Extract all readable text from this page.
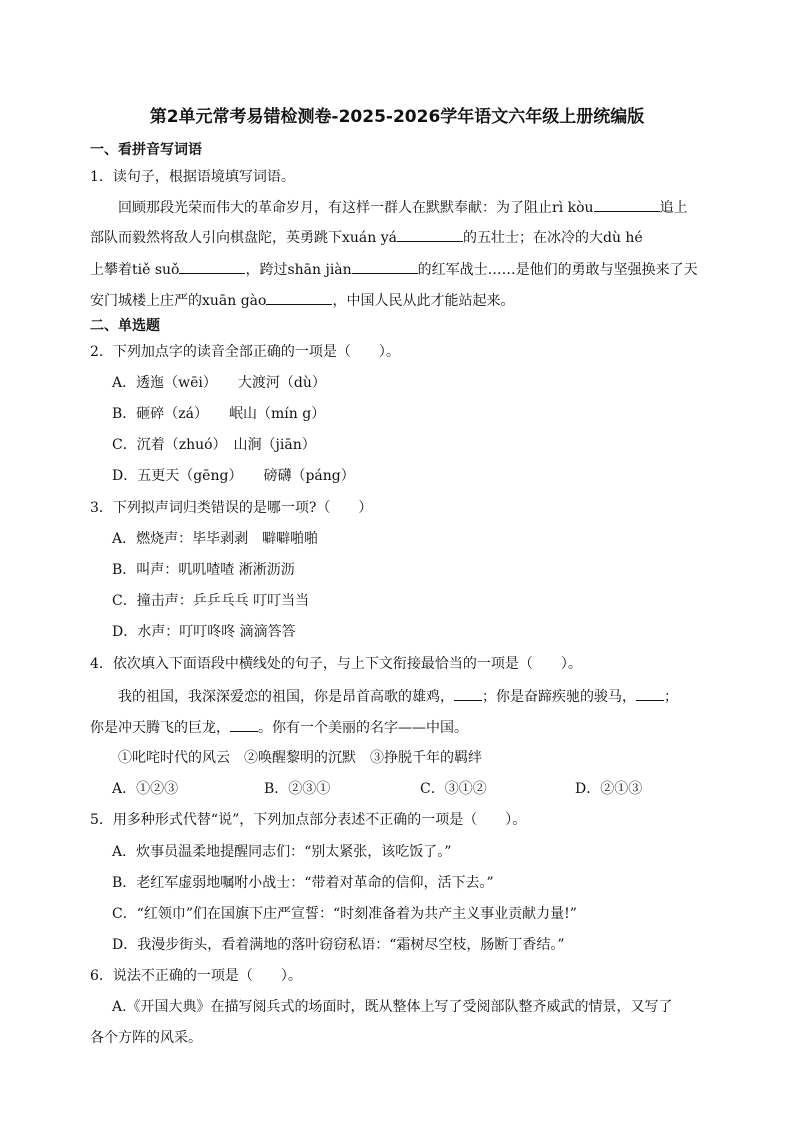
第2单元常考易错检测卷-2025-2026学年语文六年级上册统编版
一、看拼音写词语
1．读句子，根据语境填写词语。
回顾那段光荣而伟大的革命岁月，有这样一群人在默默奉献：为了阻止rì kòu	追上
部队而毅然将敌人引向棋盘陀，英勇跳下xuán yá	的五壮士；在冰冷的大dù hé
上攀着tiě suǒ	，跨过shān jiàn	的红军战士……是他们的勇敢与坚强换来了天
安门城楼上庄严的xuān gào	，中国人民从此才能站起来。
二、单选题
2．下列加点字的读音全部正确的一项是（　　）。
A．透迤（wēi）　　大渡河（dù）
B．砸碎（zá）　　岷山（mín g）
C．沉着（zhuó）　山涧（jiān）
D．五更天（gēng）　　磅礴（páng）
3．下列拟声词归类错误的是哪一项?（　　）
A．燃烧声：毕毕剥剥　噼噼啪啪
B．叫声：叽叽喳喳 淅淅沥沥
C．撞击声：乒乒乓乓 叮叮当当
D．水声：叮叮咚咚 滴滴答答
4．依次填入下面语段中横线处的句子，与上下文衔接最恰当的一项是（　　）。
我的祖国，我深深爱恋的祖国，你是昂首高歌的雄鸡， ；你是奋蹄疾驰的骏马， ；
你是冲天腾飞的巨龙， 。你有一个美丽的名字——中国。
①叱咤时代的风云　②唤醒黎明的沉默　③挣脱千年的羁绊
A．①②③	B．②③①	C．③①②	D．②①③
5．用多种形式代替“说”，下列加点部分表述不正确的一项是（　　）。
A．炊事员温柔地提醒同志们：“别太紧张，该吃饭了。”
B．老红军虚弱地嘱咐小战士：“带着对革命的信仰，活下去。”
C．“红领巾”们在国旗下庄严宣誓：“时刻准备着为共产主义事业贡献力量!”
D．我漫步街头，看着满地的落叶窃窃私语：“霜树尽空枝，肠断丁香结。”
6．说法不正确的一项是（　　）。
A.《开国大典》在描写阅兵式的场面时，既从整体上写了受阅部队整齐威武的情景，又写了
各个方阵的风采。
